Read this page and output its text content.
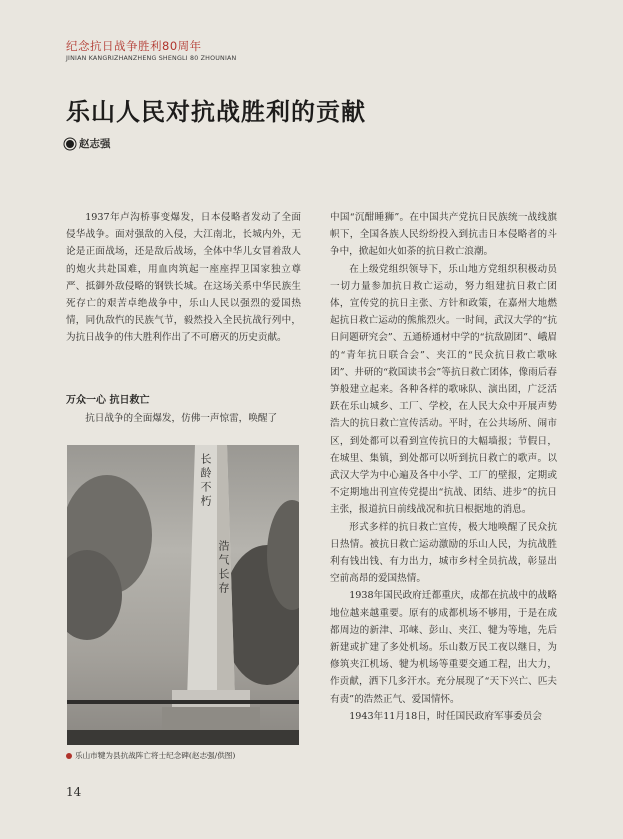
纪念抗日战争胜利80周年
JINIAN KANGRIZHANZHENG SHENGLI 80 ZHOUNIAN
乐山人民对抗战胜利的贡献
赵志强

1937年卢沟桥事变爆发，日本侵略者发动了全面侵华战争。面对强敌的入侵，大江南北，长城内外，无论是正面战场，还是敌后战场，全体中华儿女冒着敌人的炮火共赴国难，用血肉筑起一座座捍卫国家独立尊严、抵御外敌侵略的钢铁长城。在这场关系中华民族生死存亡的艰苦卓绝战争中，乐山人民以强烈的爱国热情，同仇敌忾的民族气节，毅然投入全民抗战行列中，为抗日战争的伟大胜利作出了不可磨灭的历史贡献。

万众一心 抗日救亡

抗日战争的全面爆发，仿佛一声惊雷，唤醒了

长龄不朽
浩气长存
乐山市犍为县抗战阵亡将士纪念碑(赵志强/供图)

中国“沉酣睡狮”。在中国共产党抗日民族统一战线旗帜下，全国各族人民纷纷投入到抗击日本侵略者的斗争中，掀起如火如荼的抗日救亡浪潮。

在上级党组织领导下，乐山地方党组织积极动员一切力量参加抗日救亡运动，努力组建抗日救亡团体，宣传党的抗日主张、方针和政策，在嘉州大地燃起抗日救亡运动的熊熊烈火。一时间，武汉大学的“抗日问题研究会”、五通桥通材中学的“抗敌剧团”、峨眉的“青年抗日联合会”、夹江的“民众抗日救亡歌咏团”、井研的“救国读书会”等抗日救亡团体，像雨后春笋般建立起来。各种各样的歌咏队、演出团，广泛活跃在乐山城乡、工厂、学校，在人民大众中开展声势浩大的抗日救亡宣传活动。平时，在公共场所、闹市区，到处都可以看到宣传抗日的大幅墙报；节假日，在城里、集镇，到处都可以听到抗日救亡的歌声。以武汉大学为中心遍及各中小学、工厂的壁报，定期或不定期地出刊宣传党提出“抗战、团结、进步”的抗日主张，报道抗日前线战况和抗日根据地的消息。

形式多样的抗日救亡宣传，极大地唤醒了民众抗日热情。被抗日救亡运动激励的乐山人民，为抗战胜利有钱出钱、有力出力，城市乡村全员抗战，彰显出空前高昂的爱国热情。

1938年国民政府迁都重庆，成都在抗战中的战略地位越来越重要。原有的成都机场不够用，于是在成都周边的新津、邛崃、彭山、夹江、犍为等地，先后新建或扩建了多处机场。乐山数万民工夜以继日，为修筑夹江机场、犍为机场等重要交通工程，出大力，作贡献，洒下几多汗水。充分展现了“天下兴亡、匹夫有责”的浩然正气、爱国情怀。

1943年11月18日，时任国民政府军事委员会

14
